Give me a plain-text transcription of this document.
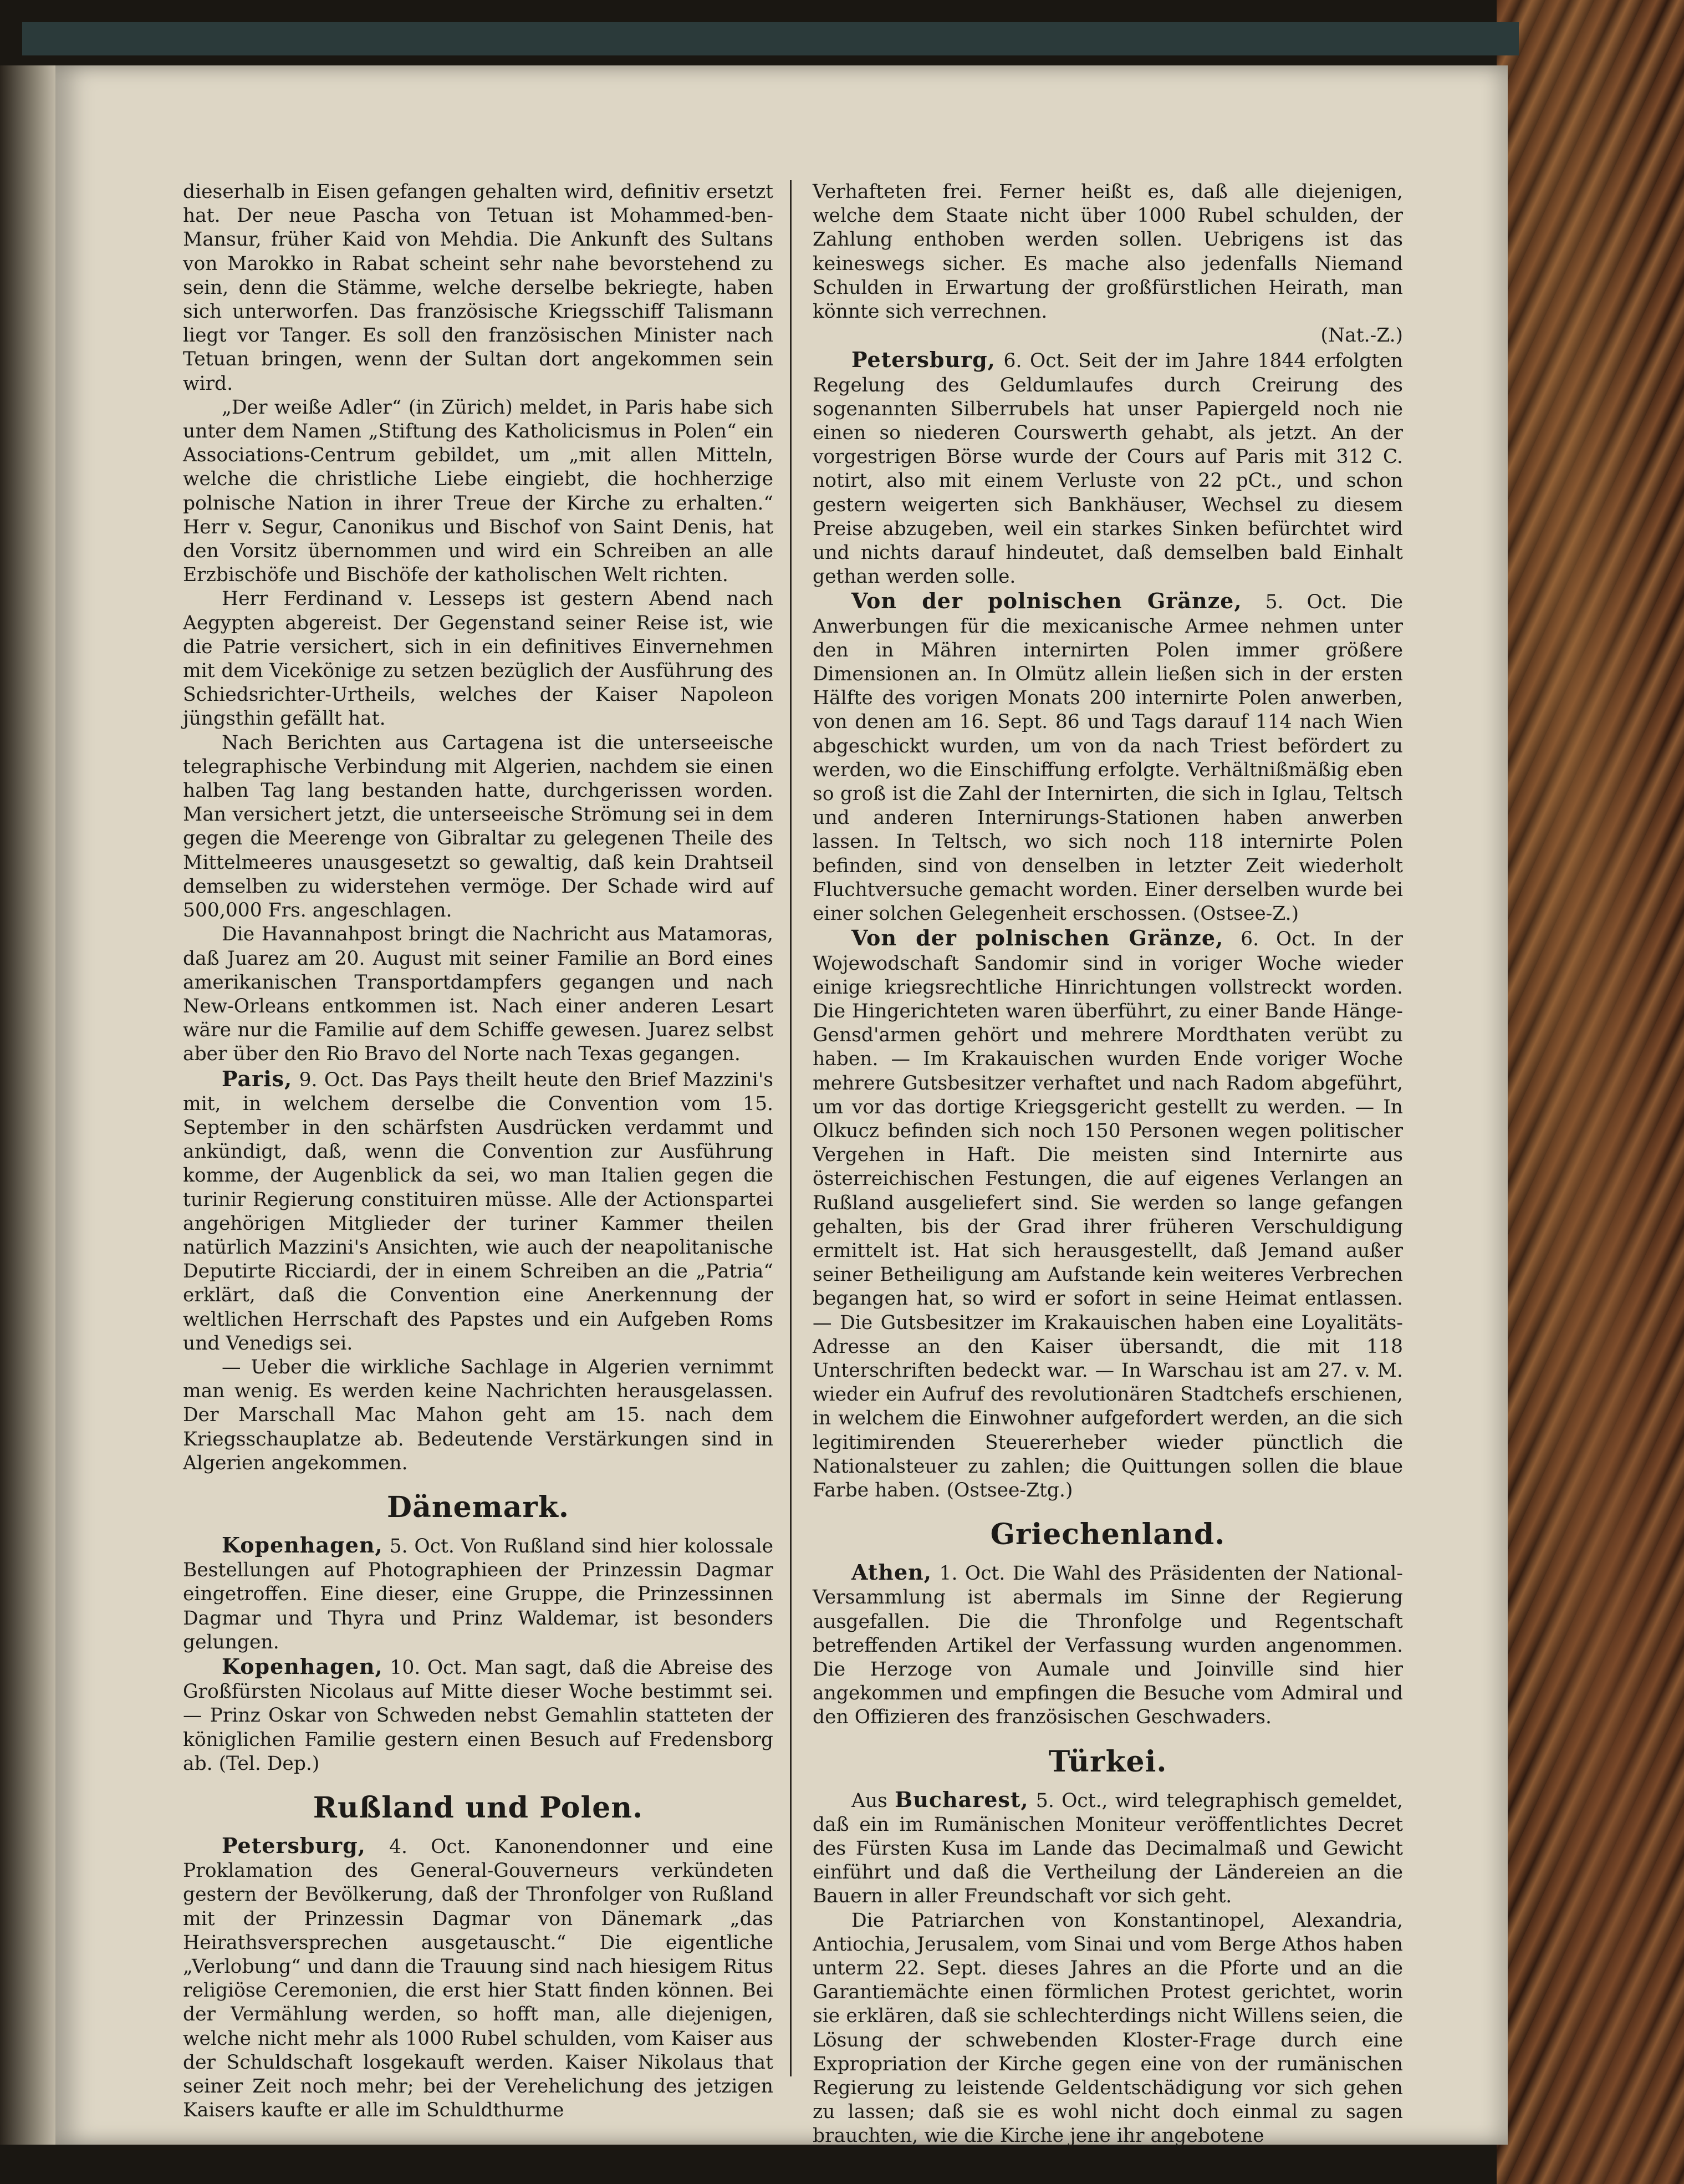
dieserhalb in Eisen gefangen gehalten wird, definitiv ersetzt hat. Der neue Pascha von Tetuan ist Mohammed-ben-Mansur, früher Kaid von Mehdia. Die Ankunft des Sultans von Marokko in Rabat scheint sehr nahe bevorstehend zu sein, denn die Stämme, welche derselbe bekriegte, haben sich unterworfen. Das französische Kriegsschiff Talismann liegt vor Tanger. Es soll den französischen Minister nach Tetuan bringen, wenn der Sultan dort angekommen sein wird.

„Der weiße Adler“ (in Zürich) meldet, in Paris habe sich unter dem Namen „Stiftung des Katholicismus in Polen“ ein Associations-Centrum gebildet, um „mit allen Mitteln, welche die christliche Liebe eingiebt, die hochherzige polnische Nation in ihrer Treue der Kirche zu erhalten.“ Herr v. Segur, Canonikus und Bischof von Saint Denis, hat den Vorsitz übernommen und wird ein Schreiben an alle Erzbischöfe und Bischöfe der katholischen Welt richten.

Herr Ferdinand v. Lesseps ist gestern Abend nach Aegypten abgereist. Der Gegenstand seiner Reise ist, wie die Patrie versichert, sich in ein definitives Einvernehmen mit dem Vicekönige zu setzen bezüglich der Ausführung des Schiedsrichter-Urtheils, welches der Kaiser Napoleon jüngsthin gefällt hat.

Nach Berichten aus Cartagena ist die unterseeische telegraphische Verbindung mit Algerien, nachdem sie einen halben Tag lang bestanden hatte, durchgerissen worden. Man versichert jetzt, die unterseeische Strömung sei in dem gegen die Meerenge von Gibraltar zu gelegenen Theile des Mittelmeeres unausgesetzt so gewaltig, daß kein Drahtseil demselben zu widerstehen vermöge. Der Schade wird auf 500,000 Frs. angeschlagen.

Die Havannahpost bringt die Nachricht aus Matamoras, daß Juarez am 20. August mit seiner Familie an Bord eines amerikanischen Transportdampfers gegangen und nach New-Orleans entkommen ist. Nach einer anderen Lesart wäre nur die Familie auf dem Schiffe gewesen. Juarez selbst aber über den Rio Bravo del Norte nach Texas gegangen.

Paris, 9. Oct. Das Pays theilt heute den Brief Mazzini's mit, in welchem derselbe die Convention vom 15. September in den schärfsten Ausdrücken verdammt und ankündigt, daß, wenn die Convention zur Ausführung komme, der Augenblick da sei, wo man Italien gegen die turinir Regierung constituiren müsse. Alle der Actionspartei angehörigen Mitglieder der turiner Kammer theilen natürlich Mazzini's Ansichten, wie auch der neapolitanische Deputirte Ricciardi, der in einem Schreiben an die „Patria“ erklärt, daß die Convention eine Anerkennung der weltlichen Herrschaft des Papstes und ein Aufgeben Roms und Venedigs sei.

— Ueber die wirkliche Sachlage in Algerien vernimmt man wenig. Es werden keine Nachrichten herausgelassen. Der Marschall Mac Mahon geht am 15. nach dem Kriegsschauplatze ab. Bedeutende Verstärkungen sind in Algerien angekommen.

Dänemark.

Kopenhagen, 5. Oct. Von Rußland sind hier kolossale Bestellungen auf Photographieen der Prinzessin Dagmar eingetroffen. Eine dieser, eine Gruppe, die Prinzessinnen Dagmar und Thyra und Prinz Waldemar, ist besonders gelungen.

Kopenhagen, 10. Oct. Man sagt, daß die Abreise des Großfürsten Nicolaus auf Mitte dieser Woche bestimmt sei. — Prinz Oskar von Schweden nebst Gemahlin statteten der königlichen Familie gestern einen Besuch auf Fredensborg ab. (Tel. Dep.)

Rußland und Polen.

Petersburg, 4. Oct. Kanonendonner und eine Proklamation des General-Gouverneurs verkündeten gestern der Bevölkerung, daß der Thronfolger von Rußland mit der Prinzessin Dagmar von Dänemark „das Heirathsversprechen ausgetauscht.“ Die eigentliche „Verlobung“ und dann die Trauung sind nach hiesigem Ritus religiöse Ceremonien, die erst hier Statt finden können. Bei der Vermählung werden, so hofft man, alle diejenigen, welche nicht mehr als 1000 Rubel schulden, vom Kaiser aus der Schuldschaft losgekauft werden. Kaiser Nikolaus that seiner Zeit noch mehr; bei der Verehelichung des jetzigen Kaisers kaufte er alle im Schuldthurme

Verhafteten frei. Ferner heißt es, daß alle diejenigen, welche dem Staate nicht über 1000 Rubel schulden, der Zahlung enthoben werden sollen. Uebrigens ist das keineswegs sicher. Es mache also jedenfalls Niemand Schulden in Erwartung der großfürstlichen Heirath, man könnte sich verrechnen.

(Nat.-Z.)

Petersburg, 6. Oct. Seit der im Jahre 1844 erfolgten Regelung des Geldumlaufes durch Creirung des sogenannten Silberrubels hat unser Papiergeld noch nie einen so niederen Courswerth gehabt, als jetzt. An der vorgestrigen Börse wurde der Cours auf Paris mit 312 C. notirt, also mit einem Verluste von 22 pCt., und schon gestern weigerten sich Bankhäuser, Wechsel zu diesem Preise abzugeben, weil ein starkes Sinken befürchtet wird und nichts darauf hindeutet, daß demselben bald Einhalt gethan werden solle.

Von der polnischen Gränze, 5. Oct. Die Anwerbungen für die mexicanische Armee nehmen unter den in Mähren internirten Polen immer größere Dimensionen an. In Olmütz allein ließen sich in der ersten Hälfte des vorigen Monats 200 internirte Polen anwerben, von denen am 16. Sept. 86 und Tags darauf 114 nach Wien abgeschickt wurden, um von da nach Triest befördert zu werden, wo die Einschiffung erfolgte. Verhältnißmäßig eben so groß ist die Zahl der Internirten, die sich in Iglau, Teltsch und anderen Internirungs-Stationen haben anwerben lassen. In Teltsch, wo sich noch 118 internirte Polen befinden, sind von denselben in letzter Zeit wiederholt Fluchtversuche gemacht worden. Einer derselben wurde bei einer solchen Gelegenheit erschossen. (Ostsee-Z.)

Von der polnischen Gränze, 6. Oct. In der Wojewodschaft Sandomir sind in voriger Woche wieder einige kriegsrechtliche Hinrichtungen vollstreckt worden. Die Hingerichteten waren überführt, zu einer Bande Hänge-Gensd'armen gehört und mehrere Mordthaten verübt zu haben. — Im Krakauischen wurden Ende voriger Woche mehrere Gutsbesitzer verhaftet und nach Radom abgeführt, um vor das dortige Kriegsgericht gestellt zu werden. — In Olkucz befinden sich noch 150 Personen wegen politischer Vergehen in Haft. Die meisten sind Internirte aus österreichischen Festungen, die auf eigenes Verlangen an Rußland ausgeliefert sind. Sie werden so lange gefangen gehalten, bis der Grad ihrer früheren Verschuldigung ermittelt ist. Hat sich herausgestellt, daß Jemand außer seiner Betheiligung am Aufstande kein weiteres Verbrechen begangen hat, so wird er sofort in seine Heimat entlassen. — Die Gutsbesitzer im Krakauischen haben eine Loyalitäts-Adresse an den Kaiser übersandt, die mit 118 Unterschriften bedeckt war. — In Warschau ist am 27. v. M. wieder ein Aufruf des revolutionären Stadtchefs erschienen, in welchem die Einwohner aufgefordert werden, an die sich legitimirenden Steuererheber wieder pünctlich die Nationalsteuer zu zahlen; die Quittungen sollen die blaue Farbe haben. (Ostsee-Ztg.)

Griechenland.

Athen, 1. Oct. Die Wahl des Präsidenten der National-Versammlung ist abermals im Sinne der Regierung ausgefallen. Die die Thronfolge und Regentschaft betreffenden Artikel der Verfassung wurden angenommen. Die Herzoge von Aumale und Joinville sind hier angekommen und empfingen die Besuche vom Admiral und den Offizieren des französischen Geschwaders.

Türkei.

Aus Bucharest, 5. Oct., wird telegraphisch gemeldet, daß ein im Rumänischen Moniteur veröffentlichtes Decret des Fürsten Kusa im Lande das Decimalmaß und Gewicht einführt und daß die Vertheilung der Ländereien an die Bauern in aller Freundschaft vor sich geht.

Die Patriarchen von Konstantinopel, Alexandria, Antiochia, Jerusalem, vom Sinai und vom Berge Athos haben unterm 22. Sept. dieses Jahres an die Pforte und an die Garantiemächte einen förmlichen Protest gerichtet, worin sie erklären, daß sie schlechterdings nicht Willens seien, die Lösung der schwebenden Kloster-Frage durch eine Expropriation der Kirche gegen eine von der rumänischen Regierung zu leistende Geldentschädigung vor sich gehen zu lassen; daß sie es wohl nicht doch einmal zu sagen brauchten, wie die Kirche jene ihr angebotene
